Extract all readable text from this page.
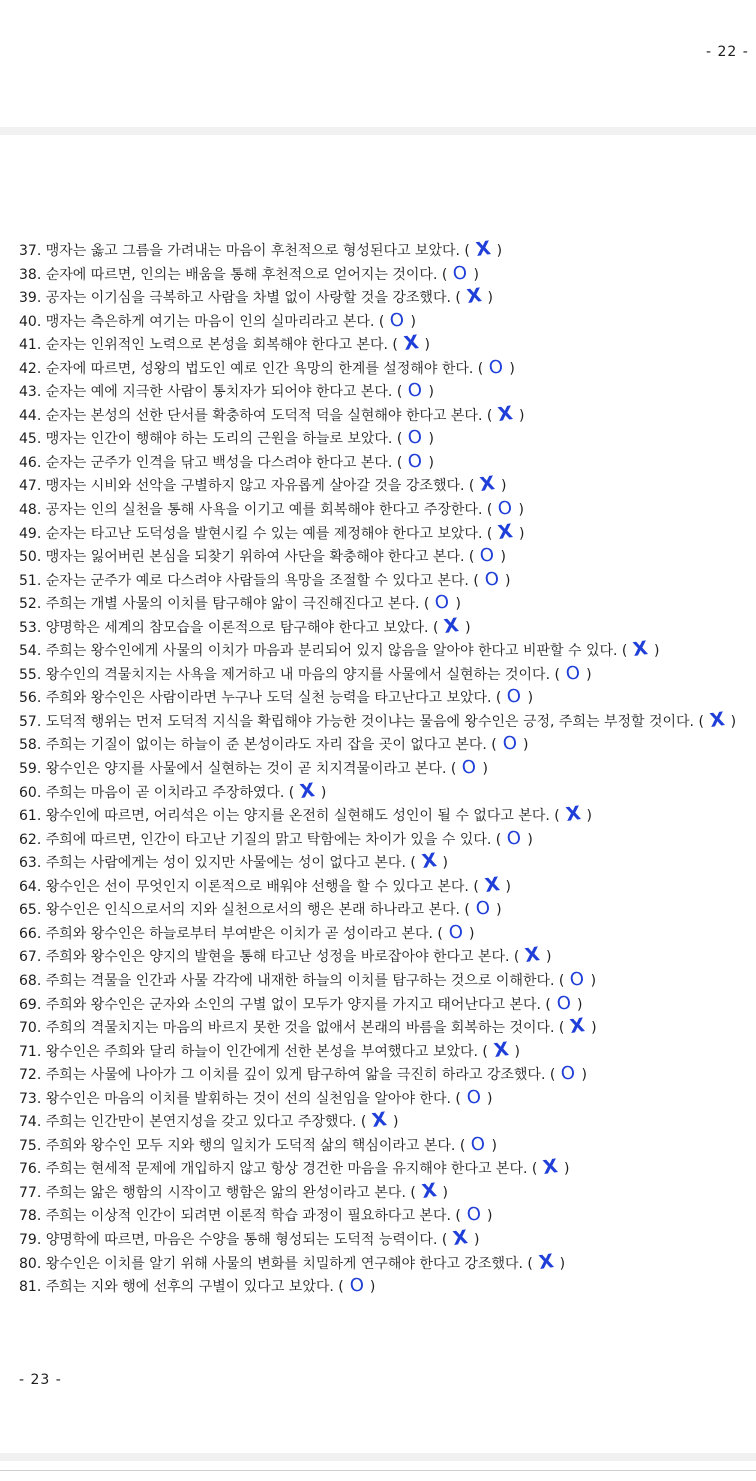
- 22 -
37. 맹자는 옳고 그름을 가려내는 마음이 후천적으로 형성된다고 보았다. ( X )
38. 순자에 따르면, 인의는 배움을 통해 후천적으로 얻어지는 것이다. ( O )
39. 공자는 이기심을 극복하고 사람을 차별 없이 사랑할 것을 강조했다. ( X )
40. 맹자는 측은하게 여기는 마음이 인의 실마리라고 본다. ( O )
41. 순자는 인위적인 노력으로 본성을 회복해야 한다고 본다. ( X )
42. 순자에 따르면, 성왕의 법도인 예로 인간 욕망의 한계를 설정해야 한다. ( O )
43. 순자는 예에 지극한 사람이 통치자가 되어야 한다고 본다. ( O )
44. 순자는 본성의 선한 단서를 확충하여 도덕적 덕을 실현해야 한다고 본다. ( X )
45. 맹자는 인간이 행해야 하는 도리의 근원을 하늘로 보았다. ( O )
46. 순자는 군주가 인격을 닦고 백성을 다스려야 한다고 본다. ( O )
47. 맹자는 시비와 선악을 구별하지 않고 자유롭게 살아갈 것을 강조했다. ( X )
48. 공자는 인의 실천을 통해 사욕을 이기고 예를 회복해야 한다고 주장한다. ( O )
49. 순자는 타고난 도덕성을 발현시킬 수 있는 예를 제정해야 한다고 보았다. ( X )
50. 맹자는 잃어버린 본심을 되찾기 위하여 사단을 확충해야 한다고 본다. ( O )
51. 순자는 군주가 예로 다스려야 사람들의 욕망을 조절할 수 있다고 본다. ( O )
52. 주희는 개별 사물의 이치를 탐구해야 앎이 극진해진다고 본다. ( O )
53. 양명학은 세계의 참모습을 이론적으로 탐구해야 한다고 보았다. ( X )
54. 주희는 왕수인에게 사물의 이치가 마음과 분리되어 있지 않음을 알아야 한다고 비판할 수 있다. ( X )
55. 왕수인의 격물치지는 사욕을 제거하고 내 마음의 양지를 사물에서 실현하는 것이다. ( O )
56. 주희와 왕수인은 사람이라면 누구나 도덕 실천 능력을 타고난다고 보았다. ( O )
57. 도덕적 행위는 먼저 도덕적 지식을 확립해야 가능한 것이냐는 물음에 왕수인은 긍정, 주희는 부정할 것이다. ( X )
58. 주희는 기질이 없이는 하늘이 준 본성이라도 자리 잡을 곳이 없다고 본다. ( O )
59. 왕수인은 양지를 사물에서 실현하는 것이 곧 치지격물이라고 본다. ( O )
60. 주희는 마음이 곧 이치라고 주장하였다. ( X )
61. 왕수인에 따르면, 어리석은 이는 양지를 온전히 실현해도 성인이 될 수 없다고 본다. ( X )
62. 주희에 따르면, 인간이 타고난 기질의 맑고 탁함에는 차이가 있을 수 있다. ( O )
63. 주희는 사람에게는 성이 있지만 사물에는 성이 없다고 본다. ( X )
64. 왕수인은 선이 무엇인지 이론적으로 배워야 선행을 할 수 있다고 본다. ( X )
65. 왕수인은 인식으로서의 지와 실천으로서의 행은 본래 하나라고 본다. ( O )
66. 주희와 왕수인은 하늘로부터 부여받은 이치가 곧 성이라고 본다. ( O )
67. 주희와 왕수인은 양지의 발현을 통해 타고난 성정을 바로잡아야 한다고 본다. ( X )
68. 주희는 격물을 인간과 사물 각각에 내재한 하늘의 이치를 탐구하는 것으로 이해한다. ( O )
69. 주희와 왕수인은 군자와 소인의 구별 없이 모두가 양지를 가지고 태어난다고 본다. ( O )
70. 주희의 격물치지는 마음의 바르지 못한 것을 없애서 본래의 바름을 회복하는 것이다. ( X )
71. 왕수인은 주희와 달리 하늘이 인간에게 선한 본성을 부여했다고 보았다. ( X )
72. 주희는 사물에 나아가 그 이치를 깊이 있게 탐구하여 앎을 극진히 하라고 강조했다. ( O )
73. 왕수인은 마음의 이치를 발휘하는 것이 선의 실천임을 알아야 한다. ( O )
74. 주희는 인간만이 본연지성을 갖고 있다고 주장했다. ( X )
75. 주희와 왕수인 모두 지와 행의 일치가 도덕적 삶의 핵심이라고 본다. ( O )
76. 주희는 현세적 문제에 개입하지 않고 항상 경건한 마음을 유지해야 한다고 본다. ( X )
77. 주희는 앎은 행함의 시작이고 행함은 앎의 완성이라고 본다. ( X )
78. 주희는 이상적 인간이 되려면 이론적 학습 과정이 필요하다고 본다. ( O )
79. 양명학에 따르면, 마음은 수양을 통해 형성되는 도덕적 능력이다. ( X )
80. 왕수인은 이치를 알기 위해 사물의 변화를 치밀하게 연구해야 한다고 강조했다. ( X )
81. 주희는 지와 행에 선후의 구별이 있다고 보았다. ( O )
- 23 -
